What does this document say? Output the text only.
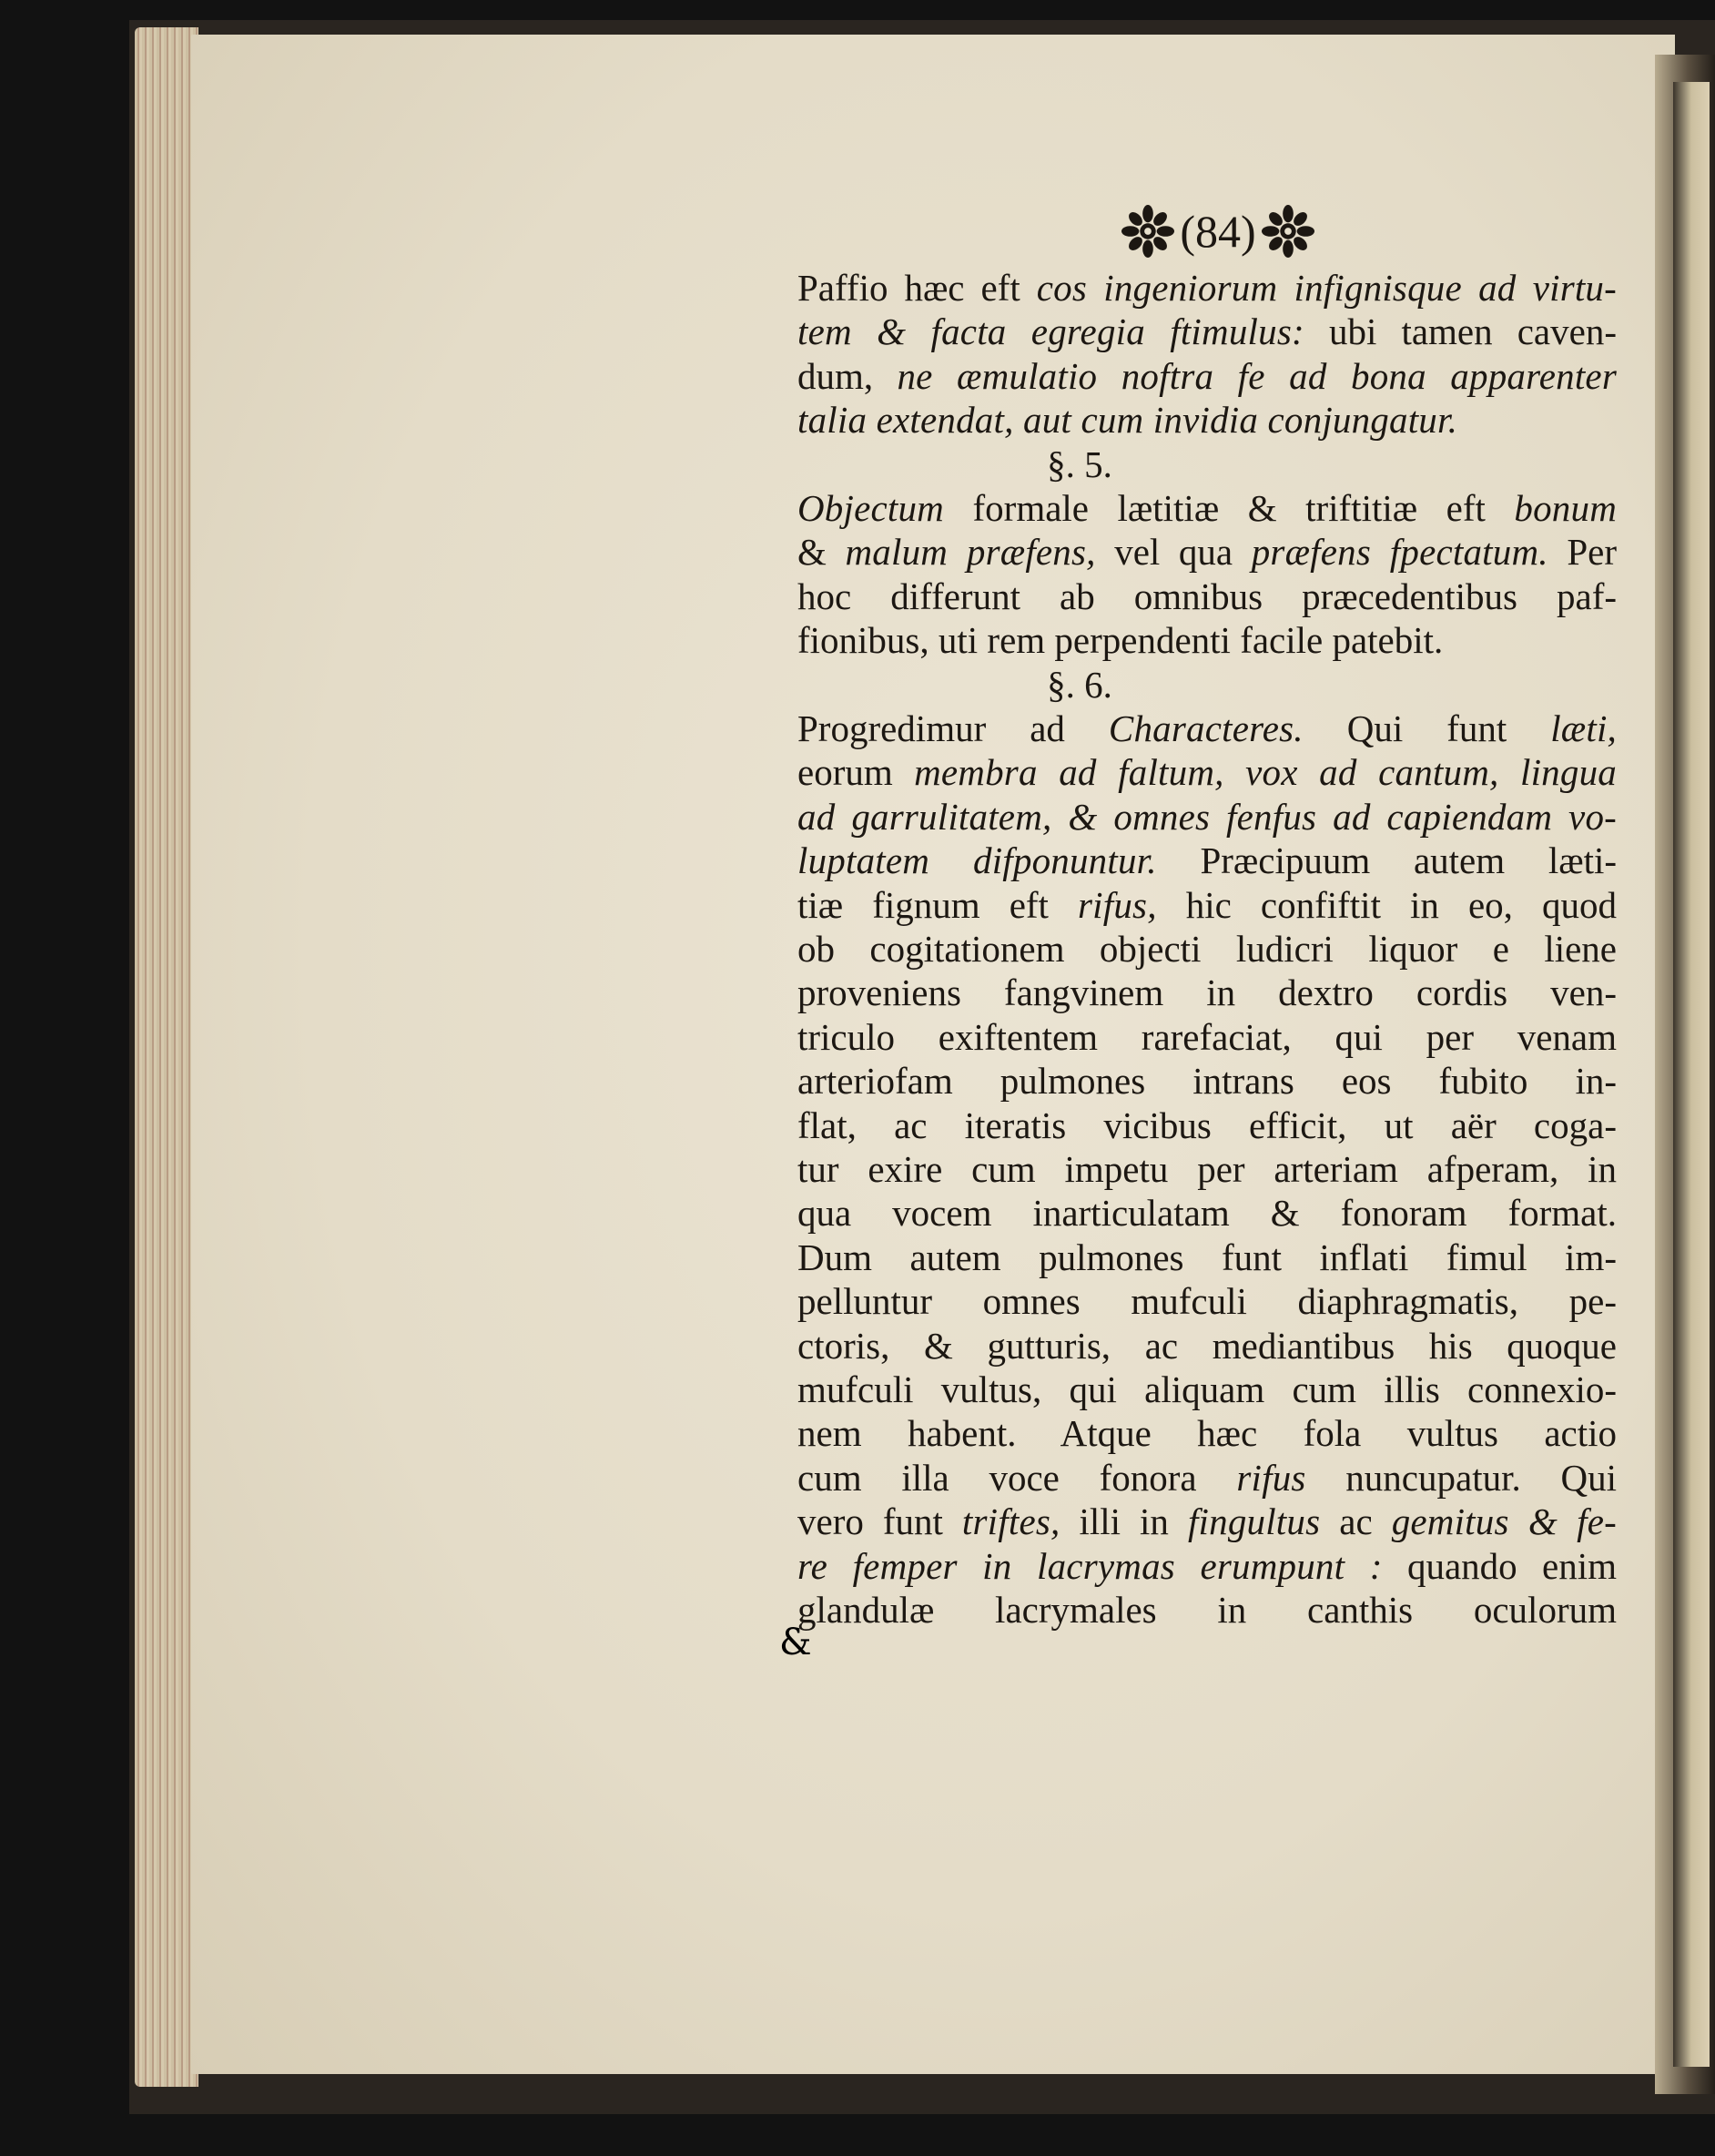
(84)
Paffio hæc eft cos ingeniorum infignisque ad virtu-
tem & facta egregia ftimulus: ubi tamen caven-
dum, ne æmulatio noftra fe ad bona apparenter
talia extendat, aut cum invidia conjungatur.
§. 5.
Objectum formale lætitiæ & triftitiæ eft bonum
& malum præfens, vel qua præfens fpectatum. Per
hoc differunt ab omnibus præcedentibus paf-
fionibus, uti rem perpendenti facile patebit.
§. 6.
Progredimur ad Characteres. Qui funt læti,
eorum membra ad faltum, vox ad cantum, lingua
ad garrulitatem, & omnes fenfus ad capiendam vo-
luptatem difponuntur. Præcipuum autem læti-
tiæ fignum eft rifus, hic confiftit in eo, quod
ob cogitationem objecti ludicri liquor e liene
proveniens fangvinem in dextro cordis ven-
triculo exiftentem rarefaciat, qui per venam
arteriofam pulmones intrans eos fubito in-
flat, ac iteratis vicibus efficit, ut aër coga-
tur exire cum impetu per arteriam afperam, in
qua vocem inarticulatam & fonoram format.
Dum autem pulmones funt inflati fimul im-
pelluntur omnes mufculi diaphragmatis, pe-
ctoris, & gutturis, ac mediantibus his quoque
mufculi vultus, qui aliquam cum illis connexio-
nem habent. Atque hæc fola vultus actio
cum illa voce fonora rifus nuncupatur. Qui
vero funt triftes, illi in fingultus ac gemitus & fe-
re femper in lacrymas erumpunt : quando enim
glandulæ lacrymales in canthis oculorum
&
